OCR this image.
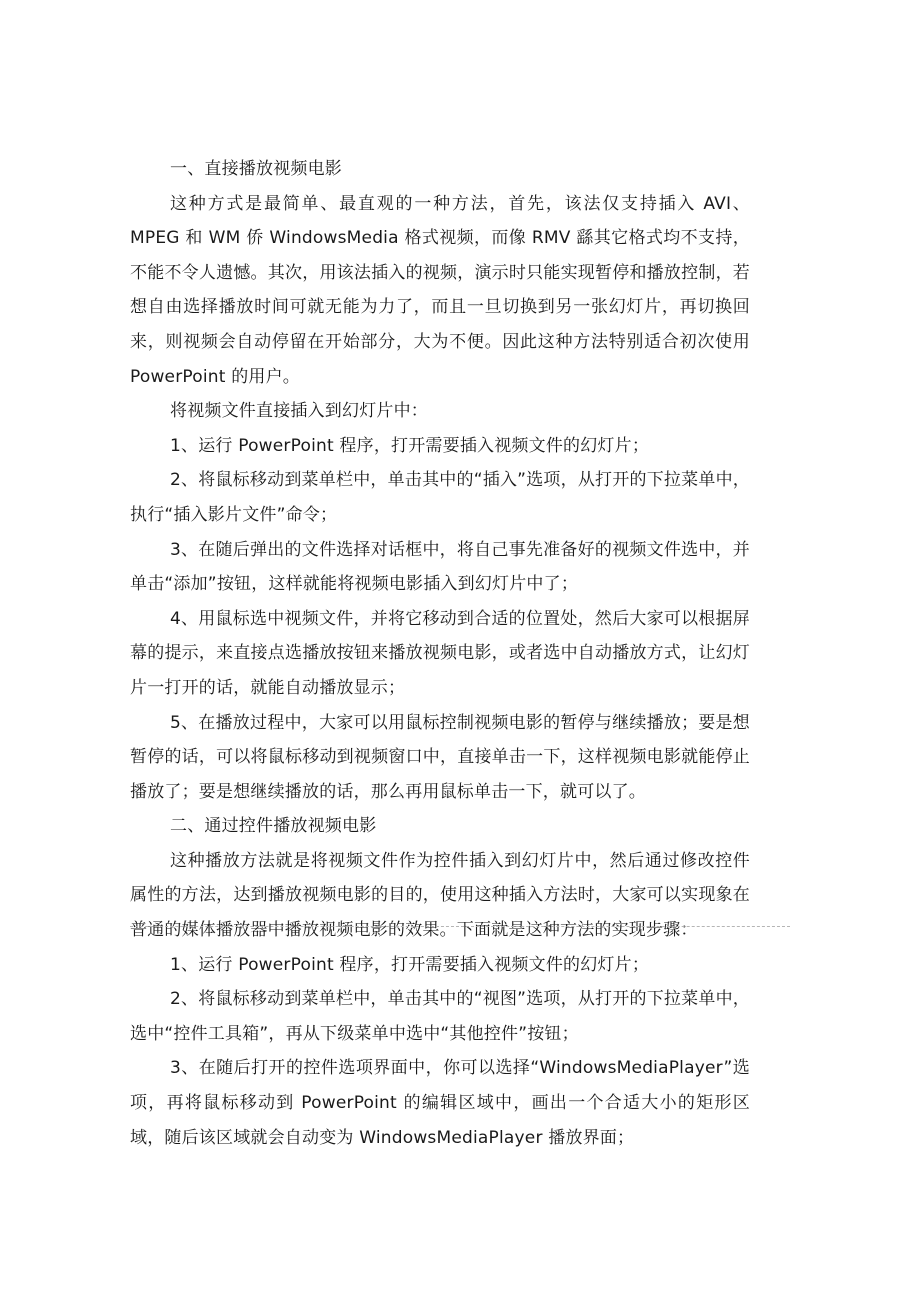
一、直接播放视频电影

这种方式是最简单、最直观的一种方法，首先，该法仅支持插入 AVI、MPEG 和 WM 侨 WindowsMedia 格式视频，而像 RMV 繇其它格式均不支持，不能不令人遗憾。其次，用该法插入的视频，演示时只能实现暂停和播放控制，若想自由选择播放时间可就无能为力了，而且一旦切换到另一张幻灯片，再切换回来，则视频会自动停留在开始部分，大为不便。因此这种方法特别适合初次使用 PowerPoint 的用户。

将视频文件直接插入到幻灯片中：

1、运行 PowerPoint 程序，打开需要插入视频文件的幻灯片；

2、将鼠标移动到菜单栏中，单击其中的“插入”选项，从打开的下拉菜单中，执行“插入影片文件”命令；

3、在随后弹出的文件选择对话框中，将自己事先准备好的视频文件选中，并单击“添加”按钮，这样就能将视频电影插入到幻灯片中了；

4、用鼠标选中视频文件，并将它移动到合适的位置处，然后大家可以根据屏幕的提示，来直接点选播放按钮来播放视频电影，或者选中自动播放方式，让幻灯片一打开的话，就能自动播放显示；

5、在播放过程中，大家可以用鼠标控制视频电影的暂停与继续播放；要是想暂停的话，可以将鼠标移动到视频窗口中，直接单击一下，这样视频电影就能停止播放了；要是想继续播放的话，那么再用鼠标单击一下，就可以了。

二、通过控件播放视频电影

这种播放方法就是将视频文件作为控件插入到幻灯片中，然后通过修改控件属性的方法，达到播放视频电影的目的，使用这种插入方法时，大家可以实现象在普通的媒体播放器中播放视频电影的效果。下面就是这种方法的实现步骤：

1、运行 PowerPoint 程序，打开需要插入视频文件的幻灯片；

2、将鼠标移动到菜单栏中，单击其中的“视图”选项，从打开的下拉菜单中，选中“控件工具箱”，再从下级菜单中选中“其他控件”按钮；

3、在随后打开的控件选项界面中，你可以选择“WindowsMediaPlayer”选项，再将鼠标移动到 PowerPoint 的编辑区域中，画出一个合适大小的矩形区域，随后该区域就会自动变为 WindowsMediaPlayer 播放界面；
